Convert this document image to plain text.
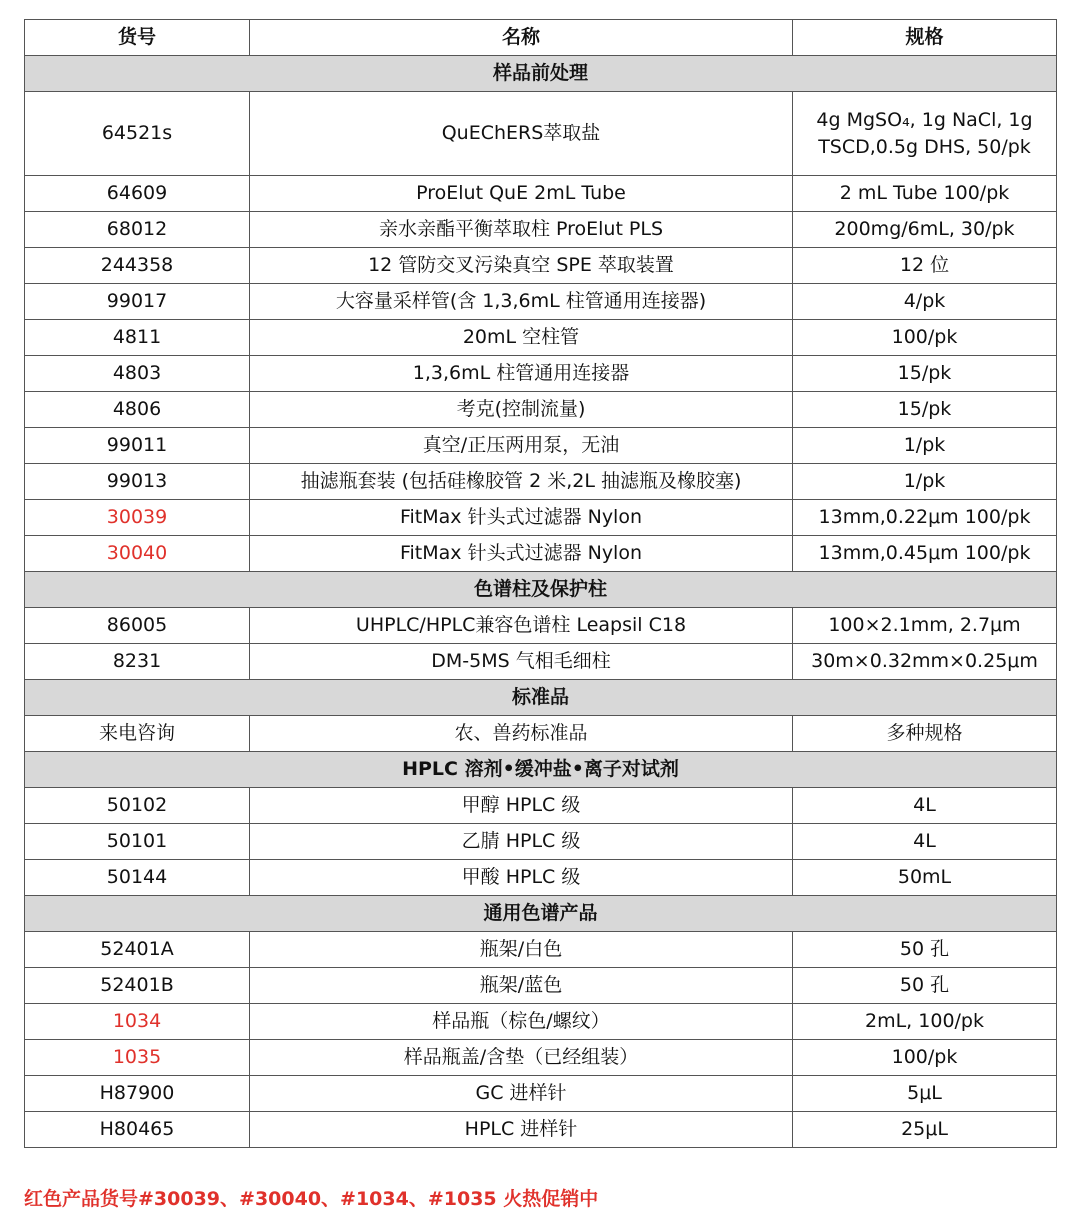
货号	名称	规格
样品前处理		
64521s	QuEChERS萃取盐	4g MgSO₄, 1g NaCl, 1g TSCD,0.5g DHS, 50/pk
64609	ProElut QuE 2mL Tube	2 mL Tube 100/pk
68012	亲水亲酯平衡萃取柱 ProElut PLS	200mg/6mL, 30/pk
244358	12 管防交叉污染真空 SPE 萃取装置	12 位
99017	大容量采样管(含 1,3,6mL 柱管通用连接器)	4/pk
4811	20mL 空柱管	100/pk
4803	1,3,6mL 柱管通用连接器	15/pk
4806	考克(控制流量)	15/pk
99011	真空/正压两用泵，无油	1/pk
99013	抽滤瓶套装 (包括硅橡胶管 2 米,2L 抽滤瓶及橡胶塞)	1/pk
30039	FitMax 针头式过滤器 Nylon	13mm,0.22μm 100/pk
30040	FitMax 针头式过滤器 Nylon	13mm,0.45μm 100/pk
色谱柱及保护柱		
86005	UHPLC/HPLC兼容色谱柱 Leapsil C18	100×2.1mm, 2.7μm
8231	DM-5MS 气相毛细柱	30m×0.32mm×0.25μm
标准品		
来电咨询	农、兽药标准品	多种规格
HPLC 溶剂•缓冲盐•离子对试剂		
50102	甲醇 HPLC 级	4L
50101	乙腈 HPLC 级	4L
50144	甲酸 HPLC 级	50mL
通用色谱产品		
52401A	瓶架/白色	50 孔
52401B	瓶架/蓝色	50 孔
1034	样品瓶（棕色/螺纹）	2mL, 100/pk
1035	样品瓶盖/含垫（已经组装）	100/pk
H87900	GC 进样针	5μL
H80465	HPLC 进样针	25μL
红色产品货号#30039、#30040、#1034、#1035 火热促销中
